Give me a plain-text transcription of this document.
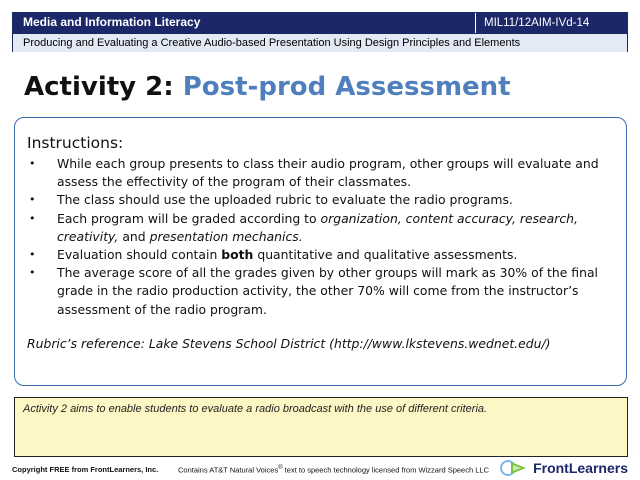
Media and Information Literacy	MIL11/12AIM-IVd-14
Producing and Evaluating a Creative Audio-based Presentation Using Design Principles and Elements
Activity 2: Post-prod Assessment
Instructions:
• While each group presents to class their audio program, other groups will evaluate and assess the effectivity of the program of their classmates.
• The class should use the uploaded rubric to evaluate the radio programs.
• Each program will be graded according to organization, content accuracy, research, creativity, and presentation mechanics.
• Evaluation should contain both quantitative and qualitative assessments.
• The average score of all the grades given by other groups will mark as 30% of the final grade in the radio production activity, the other 70% will come from the instructor’s assessment of the radio program.
Rubric’s reference: Lake Stevens School District (http://www.lkstevens.wednet.edu/)
Activity 2 aims to enable students to evaluate a radio broadcast with the use of different criteria.
Copyright FREE from FrontLearners, Inc.	Contains AT&T Natural Voices® text to speech technology licensed from Wizzard Speech LLC	FrontLearners
